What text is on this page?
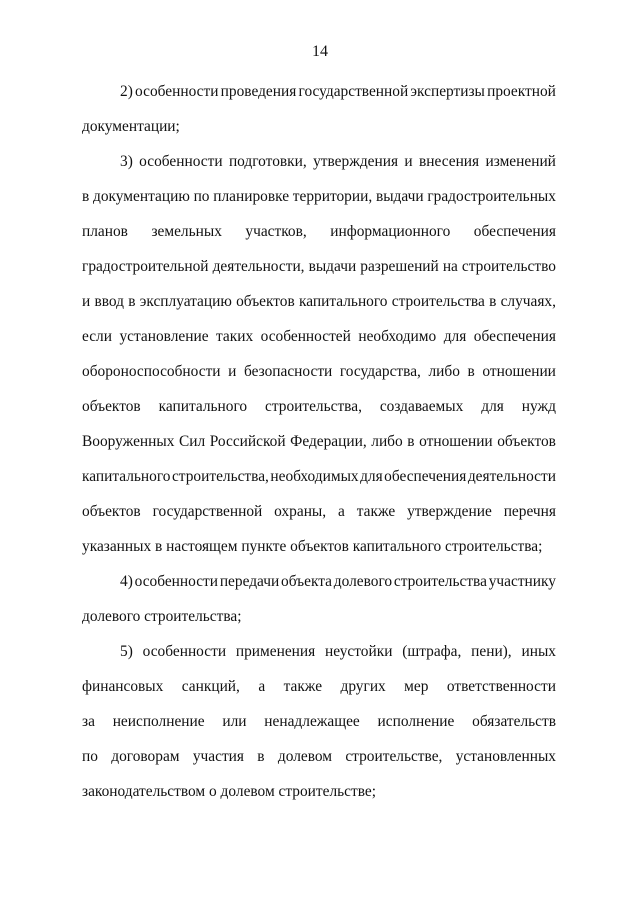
14
2) особенности проведения государственной экспертизы проектной
документации;
3) особенности подготовки, утверждения и внесения изменений
в документацию по планировке территории, выдачи градостроительных
планов земельных участков, информационного обеспечения
градостроительной деятельности, выдачи разрешений на строительство
и ввод в эксплуатацию объектов капитального строительства в случаях,
если установление таких особенностей необходимо для обеспечения
обороноспособности и безопасности государства, либо в отношении
объектов капитального строительства, создаваемых для нужд
Вооруженных Сил Российской Федерации, либо в отношении объектов
капитального строительства, необходимых для обеспечения деятельности
объектов государственной охраны, а также утверждение перечня
указанных в настоящем пункте объектов капитального строительства;
4) особенности передачи объекта долевого строительства участнику
долевого строительства;
5) особенности применения неустойки (штрафа, пени), иных
финансовых санкций, а также других мер ответственности
за неисполнение или ненадлежащее исполнение обязательств
по договорам участия в долевом строительстве, установленных
законодательством о долевом строительстве;
